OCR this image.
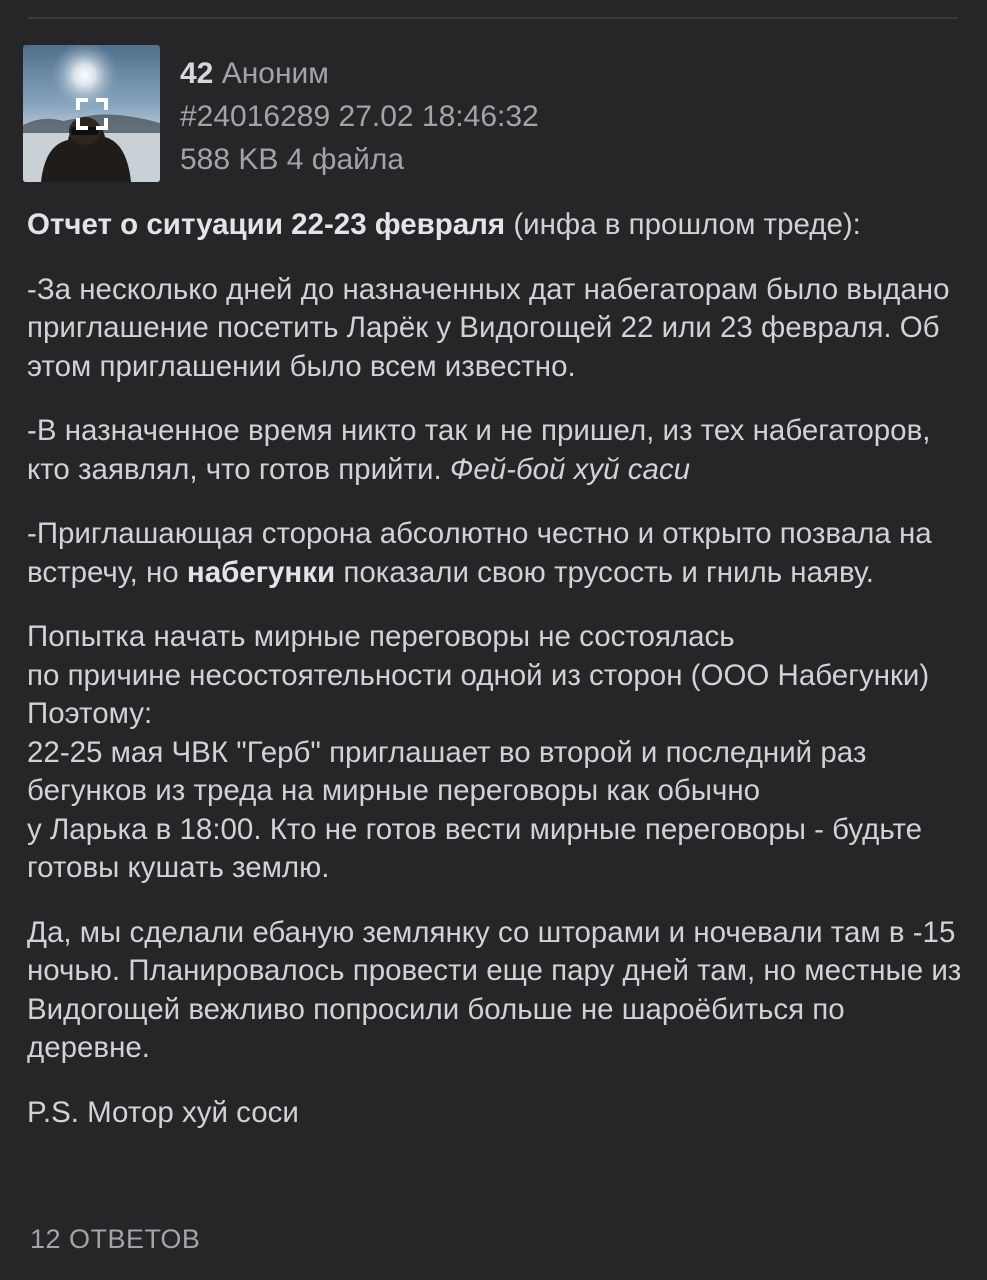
42 Аноним
#24016289 27.02 18:46:32
588 KB 4 файла

Отчет о ситуации 22-23 февраля (инфа в прошлом треде):

-За несколько дней до назначенных дат набегаторам было выдано приглашение посетить Ларёк у Видогощей 22 или 23 февраля. Об этом приглашении было всем известно.

-В назначенное время никто так и не пришел, из тех набегаторов, кто заявлял, что готов прийти. Фей-бой хуй саси

-Приглашающая сторона абсолютно честно и открыто позвала на встречу, но набегунки показали свою трусость и гниль наяву.

Попытка начать мирные переговоры не состоялась
по причине несостоятельности одной из сторон (ООО Набегунки)
Поэтому:
22-25 мая ЧВК "Герб" приглашает во второй и последний раз бегунков из треда на мирные переговоры как обычно
у Ларька в 18:00. Кто не готов вести мирные переговоры - будьте готовы кушать землю.

Да, мы сделали ебаную землянку со шторами и ночевали там в -15 ночью. Планировалось провести еще пару дней там, но местные из Видогощей вежливо попросили больше не шароёбиться по деревне.

P.S. Мотор хуй соси

12 ОТВЕТОВ
